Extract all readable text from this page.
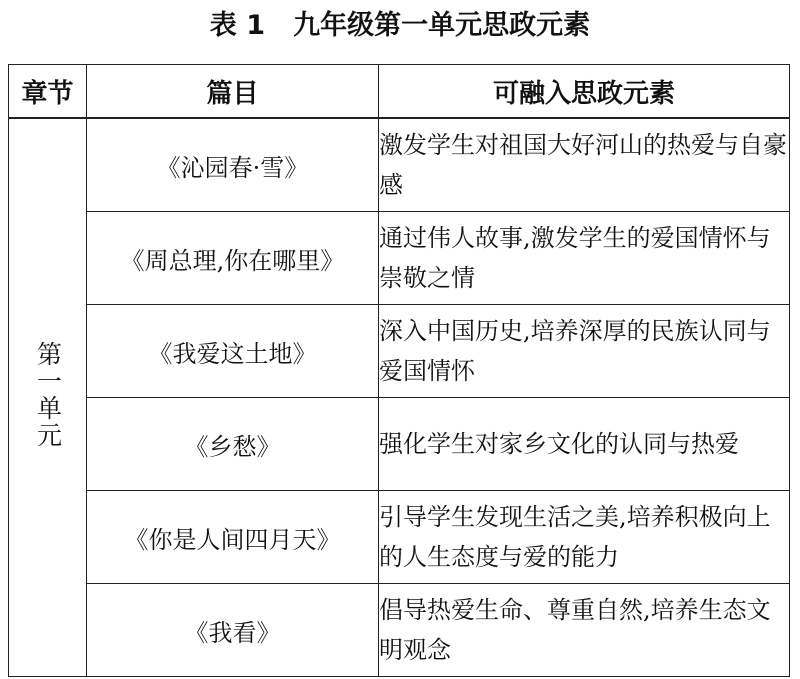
表 1   九年级第一单元思政元素
章节	篇目	可融入思政元素
第一单元	《沁园春·雪》	激发学生对祖国大好河山的热爱与自豪感
	《周总理,你在哪里》	通过伟人故事,激发学生的爱国情怀与崇敬之情
	《我爱这土地》	深入中国历史,培养深厚的民族认同与爱国情怀
	《乡愁》	强化学生对家乡文化的认同与热爱
	《你是人间四月天》	引导学生发现生活之美,培养积极向上的人生态度与爱的能力
	《我看》	倡导热爱生命、尊重自然,培养生态文明观念
